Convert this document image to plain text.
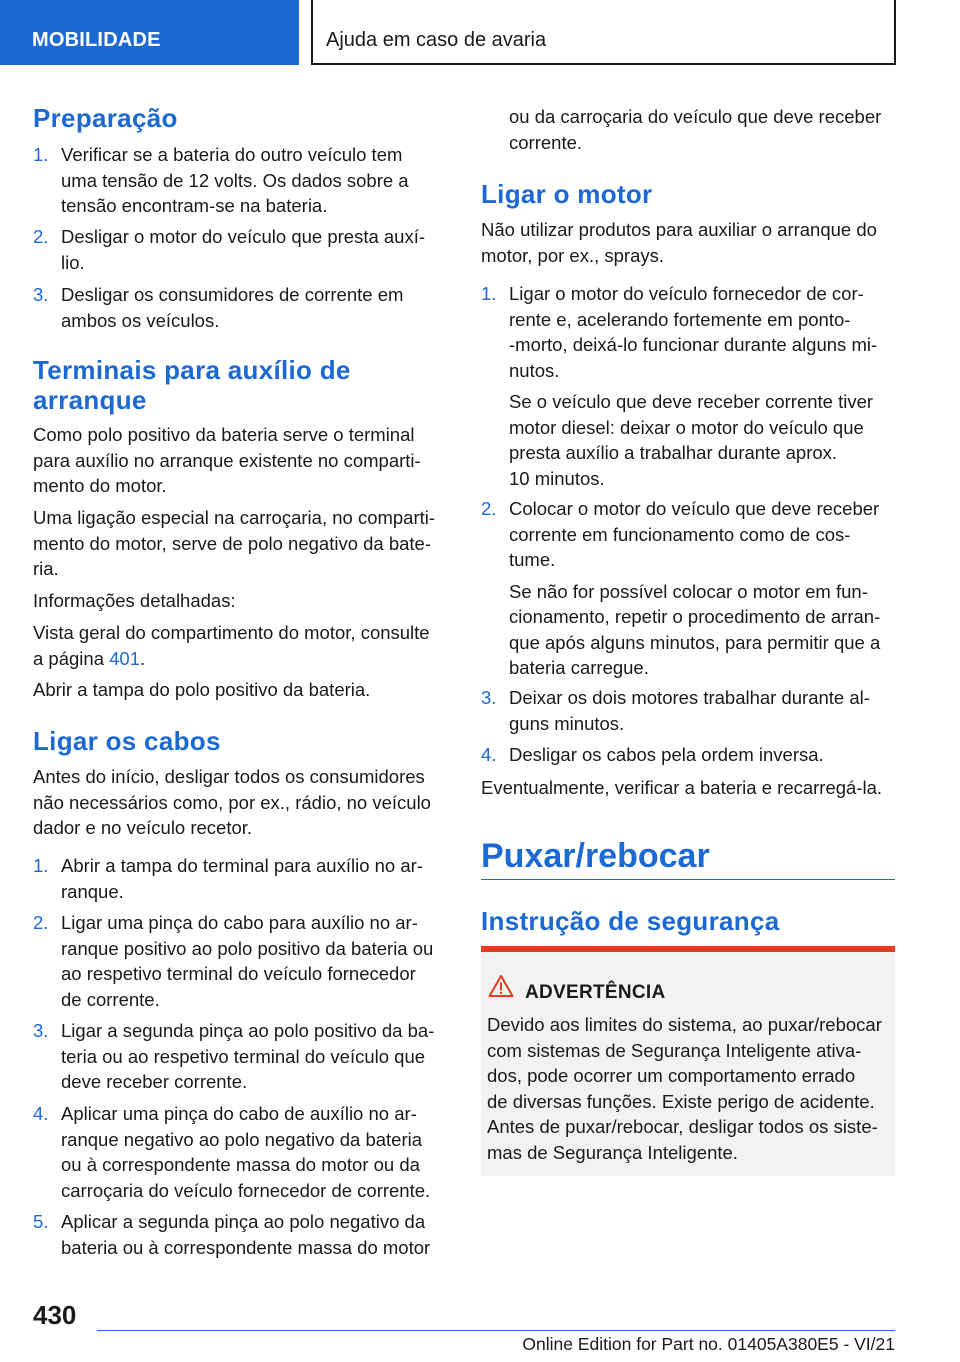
MOBILIDADE	Ajuda em caso de avaria
Preparação
1. Verificar se a bateria do outro veículo tem
uma tensão de 12 volts. Os dados sobre a
tensão encontram-se na bateria.
2. Desligar o motor do veículo que presta auxí‐
lio.
3. Desligar os consumidores de corrente em
ambos os veículos.
Terminais para auxílio de
arranque
Como polo positivo da bateria serve o terminal
para auxílio no arranque existente no comparti‐
mento do motor.
Uma ligação especial na carroçaria, no comparti‐
mento do motor, serve de polo negativo da bate‐
ria.
Informações detalhadas:
Vista geral do compartimento do motor, consulte
a página 401.
Abrir a tampa do polo positivo da bateria.
Ligar os cabos
Antes do início, desligar todos os consumidores
não necessários como, por ex., rádio, no veículo
dador e no veículo recetor.
1. Abrir a tampa do terminal para auxílio no ar‐
ranque.
2. Ligar uma pinça do cabo para auxílio no ar‐
ranque positivo ao polo positivo da bateria ou
ao respetivo terminal do veículo fornecedor
de corrente.
3. Ligar a segunda pinça ao polo positivo da ba‐
teria ou ao respetivo terminal do veículo que
deve receber corrente.
4. Aplicar uma pinça do cabo de auxílio no ar‐
ranque negativo ao polo negativo da bateria
ou à correspondente massa do motor ou da
carroçaria do veículo fornecedor de corrente.
5. Aplicar a segunda pinça ao polo negativo da
bateria ou à correspondente massa do motor
ou da carroçaria do veículo que deve receber
corrente.
Ligar o motor
Não utilizar produtos para auxiliar o arranque do
motor, por ex., sprays.
1. Ligar o motor do veículo fornecedor de cor‐
rente e, acelerando fortemente em ponto‐
-morto, deixá-lo funcionar durante alguns mi‐
nutos.
Se o veículo que deve receber corrente tiver
motor diesel: deixar o motor do veículo que
presta auxílio a trabalhar durante aprox.
10 minutos.
2. Colocar o motor do veículo que deve receber
corrente em funcionamento como de cos‐
tume.
Se não for possível colocar o motor em fun‐
cionamento, repetir o procedimento de arran‐
que após alguns minutos, para permitir que a
bateria carregue.
3. Deixar os dois motores trabalhar durante al‐
guns minutos.
4. Desligar os cabos pela ordem inversa.
Eventualmente, verificar a bateria e recarregá-la.
Puxar/rebocar
Instrução de segurança
ADVERTÊNCIA
Devido aos limites do sistema, ao puxar/rebocar
com sistemas de Segurança Inteligente ativa‐
dos, pode ocorrer um comportamento errado
de diversas funções. Existe perigo de acidente.
Antes de puxar/rebocar, desligar todos os siste‐
mas de Segurança Inteligente.
430
Online Edition for Part no. 01405A380E5 - VI/21
